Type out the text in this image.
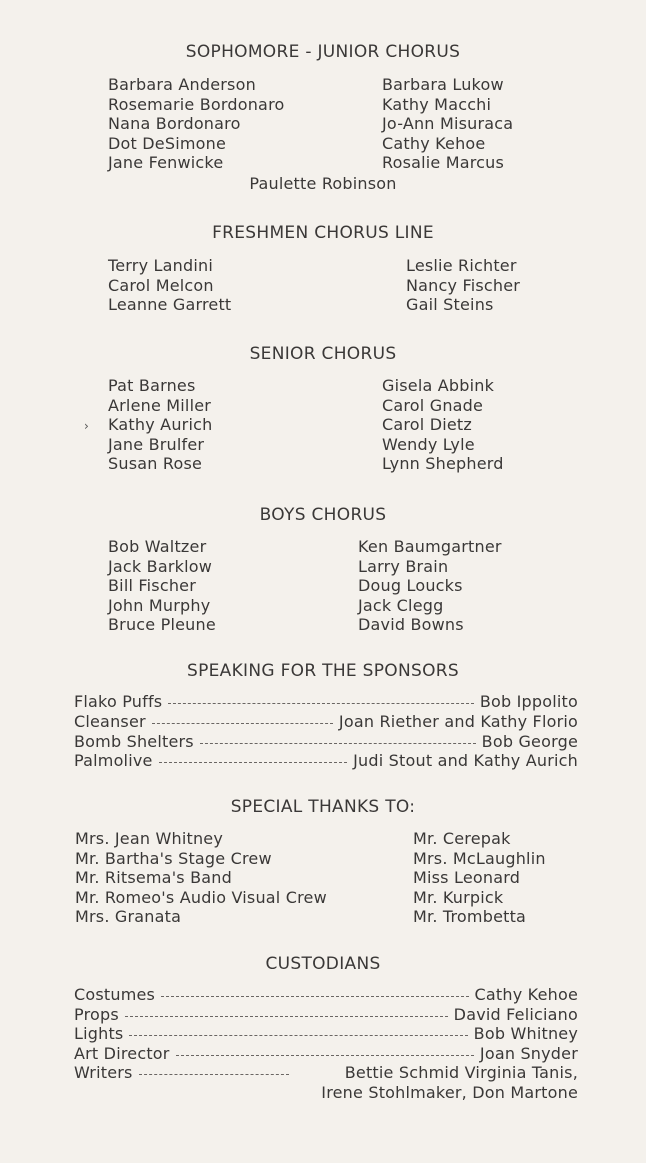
SOPHOMORE - JUNIOR CHORUS
Barbara Anderson
Rosemarie Bordonaro
Nana Bordonaro
Dot DeSimone
Jane Fenwicke
Barbara Lukow
Kathy Macchi
Jo-Ann Misuraca
Cathy Kehoe
Rosalie Marcus
Paulette Robinson
FRESHMEN CHORUS LINE
Terry Landini
Carol Melcon
Leanne Garrett
Leslie Richter
Nancy Fischer
Gail Steins
SENIOR CHORUS
Pat Barnes
Arlene Miller
Kathy Aurich
Jane Brulfer
Susan Rose
Gisela Abbink
Carol Gnade
Carol Dietz
Wendy Lyle
Lynn Shepherd
›
BOYS CHORUS
Bob Waltzer
Jack Barklow
Bill Fischer
John Murphy
Bruce Pleune
Ken Baumgartner
Larry Brain
Doug Loucks
Jack Clegg
David Bowns
SPEAKING FOR THE SPONSORS
Flako Puffs	Bob Ippolito
Cleanser	Joan Riether and Kathy Florio
Bomb Shelters	Bob George
Palmolive	Judi Stout and Kathy Aurich
SPECIAL THANKS TO:
Mrs. Jean Whitney
Mr. Bartha's Stage Crew
Mr. Ritsema's Band
Mr. Romeo's Audio Visual Crew
Mrs. Granata
Mr. Cerepak
Mrs. McLaughlin
Miss Leonard
Mr. Kurpick
Mr. Trombetta
CUSTODIANS
Costumes	Cathy Kehoe
Props	David Feliciano
Lights	Bob Whitney
Art Director	Joan Snyder
Writers	Bettie Schmid Virginia Tanis,
Irene Stohlmaker, Don Martone
